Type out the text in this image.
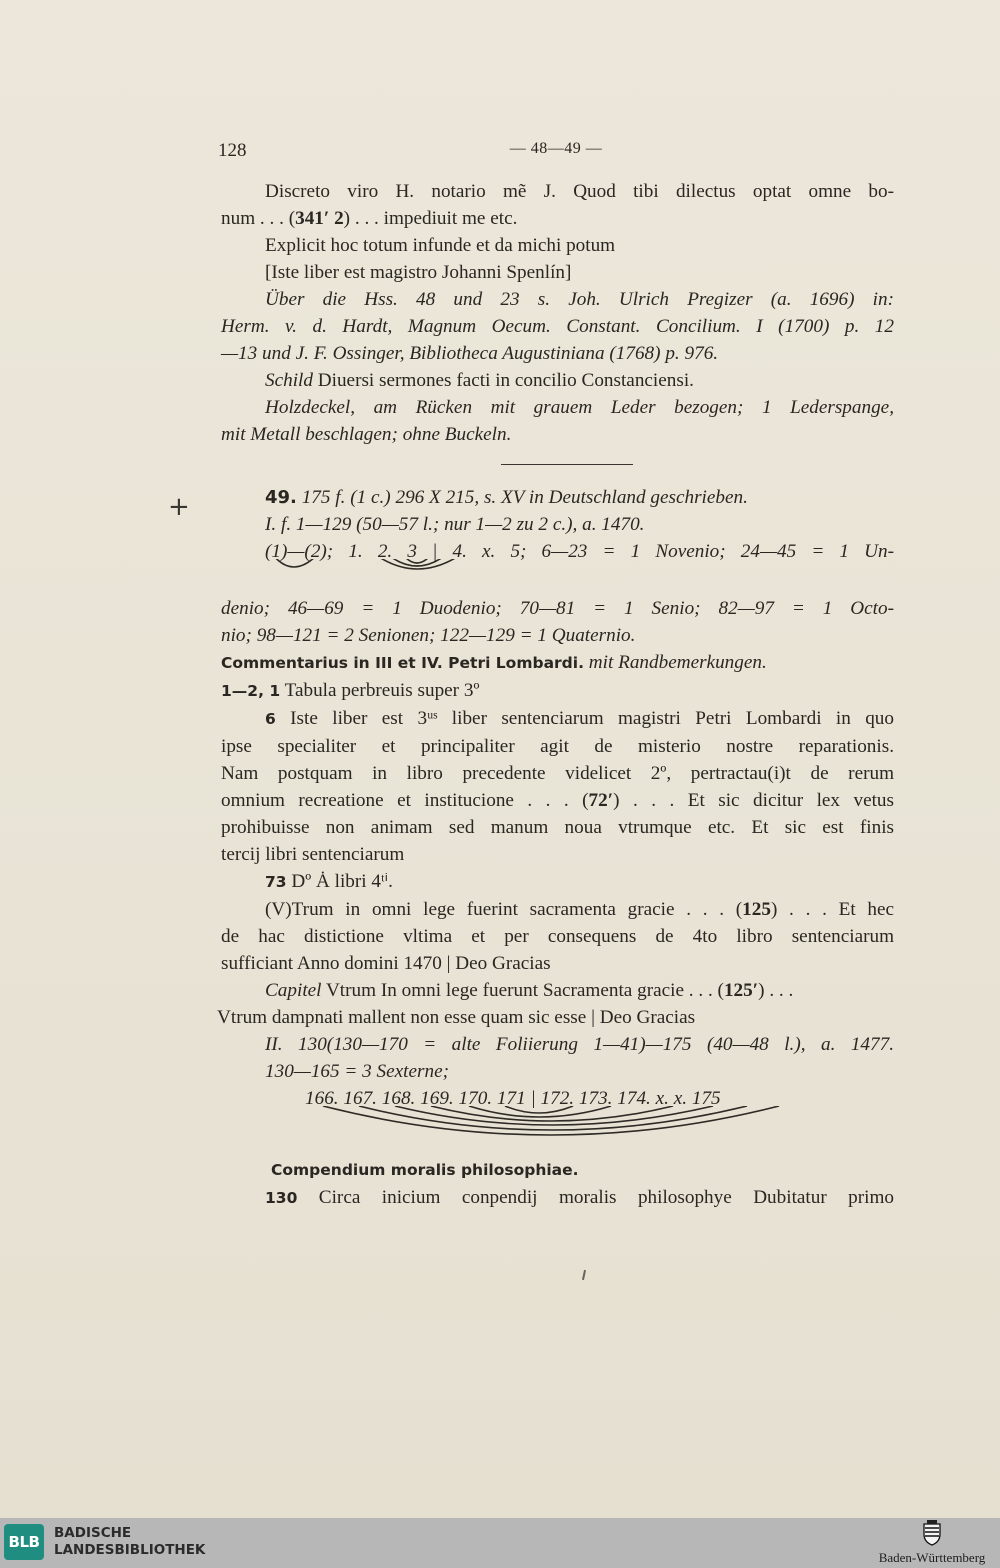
128	— 48—49 —
+
Discreto viro H. notario mẽ J. Quod tibi dilectus optat omne bo-
num . . . (341′ 2) . . . impediuit me etc.
Explicit hoc totum infunde et da michi potum
[Iste liber est magistro Johanni Spenlín]
Über die Hss. 48 und 23 s. Joh. Ulrich Pregizer (a. 1696) in:
Herm. v. d. Hardt, Magnum Oecum. Constant. Concilium. I (1700) p. 12
—13 und J. F. Ossinger, Bibliotheca Augustiniana (1768) p. 976.
Schild Diuersi sermones facti in concilio Constanciensi.
Holzdeckel, am Rücken mit grauem Leder bezogen; 1 Lederspange,
mit Metall beschlagen; ohne Buckeln.
49. 175 f. (1 c.) 296 X 215, s. XV in Deutschland geschrieben.
I. f. 1—129 (50—57 l.; nur 1—2 zu 2 c.), a. 1470.
(1)—(2); 1. 2. 3 | 4. x. 5; 6—23 = 1 Novenio; 24—45 = 1 Un-
denio; 46—69 = 1 Duodenio; 70—81 = 1 Senio; 82—97 = 1 Octo-
nio; 98—121 = 2 Senionen; 122—129 = 1 Quaternio.
Commentarius in III et IV. Petri Lombardi. mit Randbemerkungen.
1—2, 1 Tabula perbreuis super 3º
6 Iste liber est 3ᵘˢ liber sentenciarum magistri Petri Lombardi in quo
ipse specialiter et principaliter agit de misterio nostre reparationis.
Nam postquam in libro precedente videlicet 2º, pertractau(i)t de rerum
omnium recreatione et institucione . . . (72′) . . . Et sic dicitur lex vetus
prohibuisse non animam sed manum noua vtrumque etc. Et sic est finis
tercij libri sentenciarum
73 Dº Ȧ libri 4ᵗⁱ.
(V)Trum in omni lege fuerint sacramenta gracie . . . (125) . . . Et hec
de hac distictione vltima et per consequens de 4to libro sentenciarum
sufficiant Anno domini 1470 | Deo Gracias
Capitel Vtrum In omni lege fuerunt Sacramenta gracie . . . (125′) . . .
Vtrum dampnati mallent non esse quam sic esse | Deo Gracias
II. 130(130—170 = alte Foliierung 1—41)—175 (40—48 l.), a. 1477.
130—165 = 3 Sexterne;
166. 167. 168. 169. 170. 171 | 172. 173. 174. x. x. 175
Compendium moralis philosophiae.
130 Circa inicium conpendij moralis philosophye Dubitatur primo
BLB	BADISCHE
LANDESBIBLIOTHEK	Baden-Württemberg
